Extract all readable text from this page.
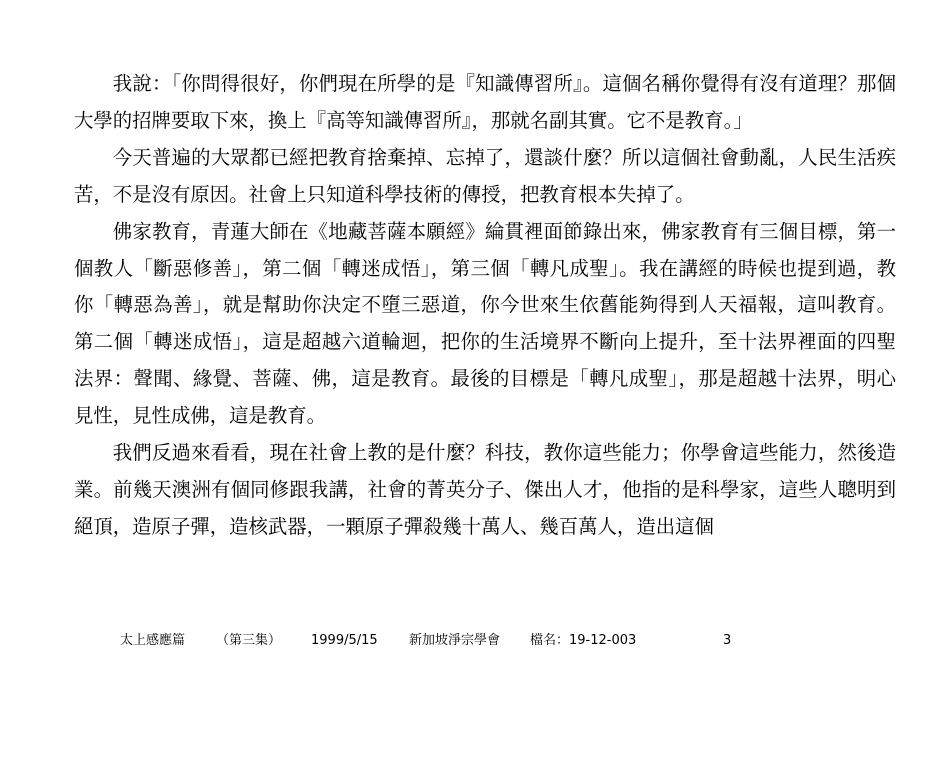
我說：「你問得很好，你們現在所學的是『知識傳習所』。這個名稱你覺得有沒有道理？那個大學的招牌要取下來，換上『高等知識傳習所』，那就名副其實。它不是教育。」

今天普遍的大眾都已經把教育捨棄掉、忘掉了，還談什麼？所以這個社會動亂，人民生活疾苦，不是沒有原因。社會上只知道科學技術的傳授，把教育根本失掉了。

佛家教育，青蓮大師在《地藏菩薩本願經》綸貫裡面節錄出來，佛家教育有三個目標，第一個教人「斷惡修善」，第二個「轉迷成悟」，第三個「轉凡成聖」。我在講經的時候也提到過，教你「轉惡為善」，就是幫助你決定不墮三惡道，你今世來生依舊能夠得到人天福報，這叫教育。第二個「轉迷成悟」，這是超越六道輪迴，把你的生活境界不斷向上提升，至十法界裡面的四聖法界：聲聞、緣覺、菩薩、佛，這是教育。最後的目標是「轉凡成聖」，那是超越十法界，明心見性，見性成佛，這是教育。

我們反過來看看，現在社會上教的是什麼？科技，教你這些能力；你學會這些能力，然後造業。前幾天澳洲有個同修跟我講，社會的菁英分子、傑出人才，他指的是科學家，這些人聰明到絕頂，造原子彈，造核武器，一顆原子彈殺幾十萬人、幾百萬人，造出這個

太上感應篇

（第三集）

1999/5/15

新加坡淨宗學會

檔名：19-12-003

	3
